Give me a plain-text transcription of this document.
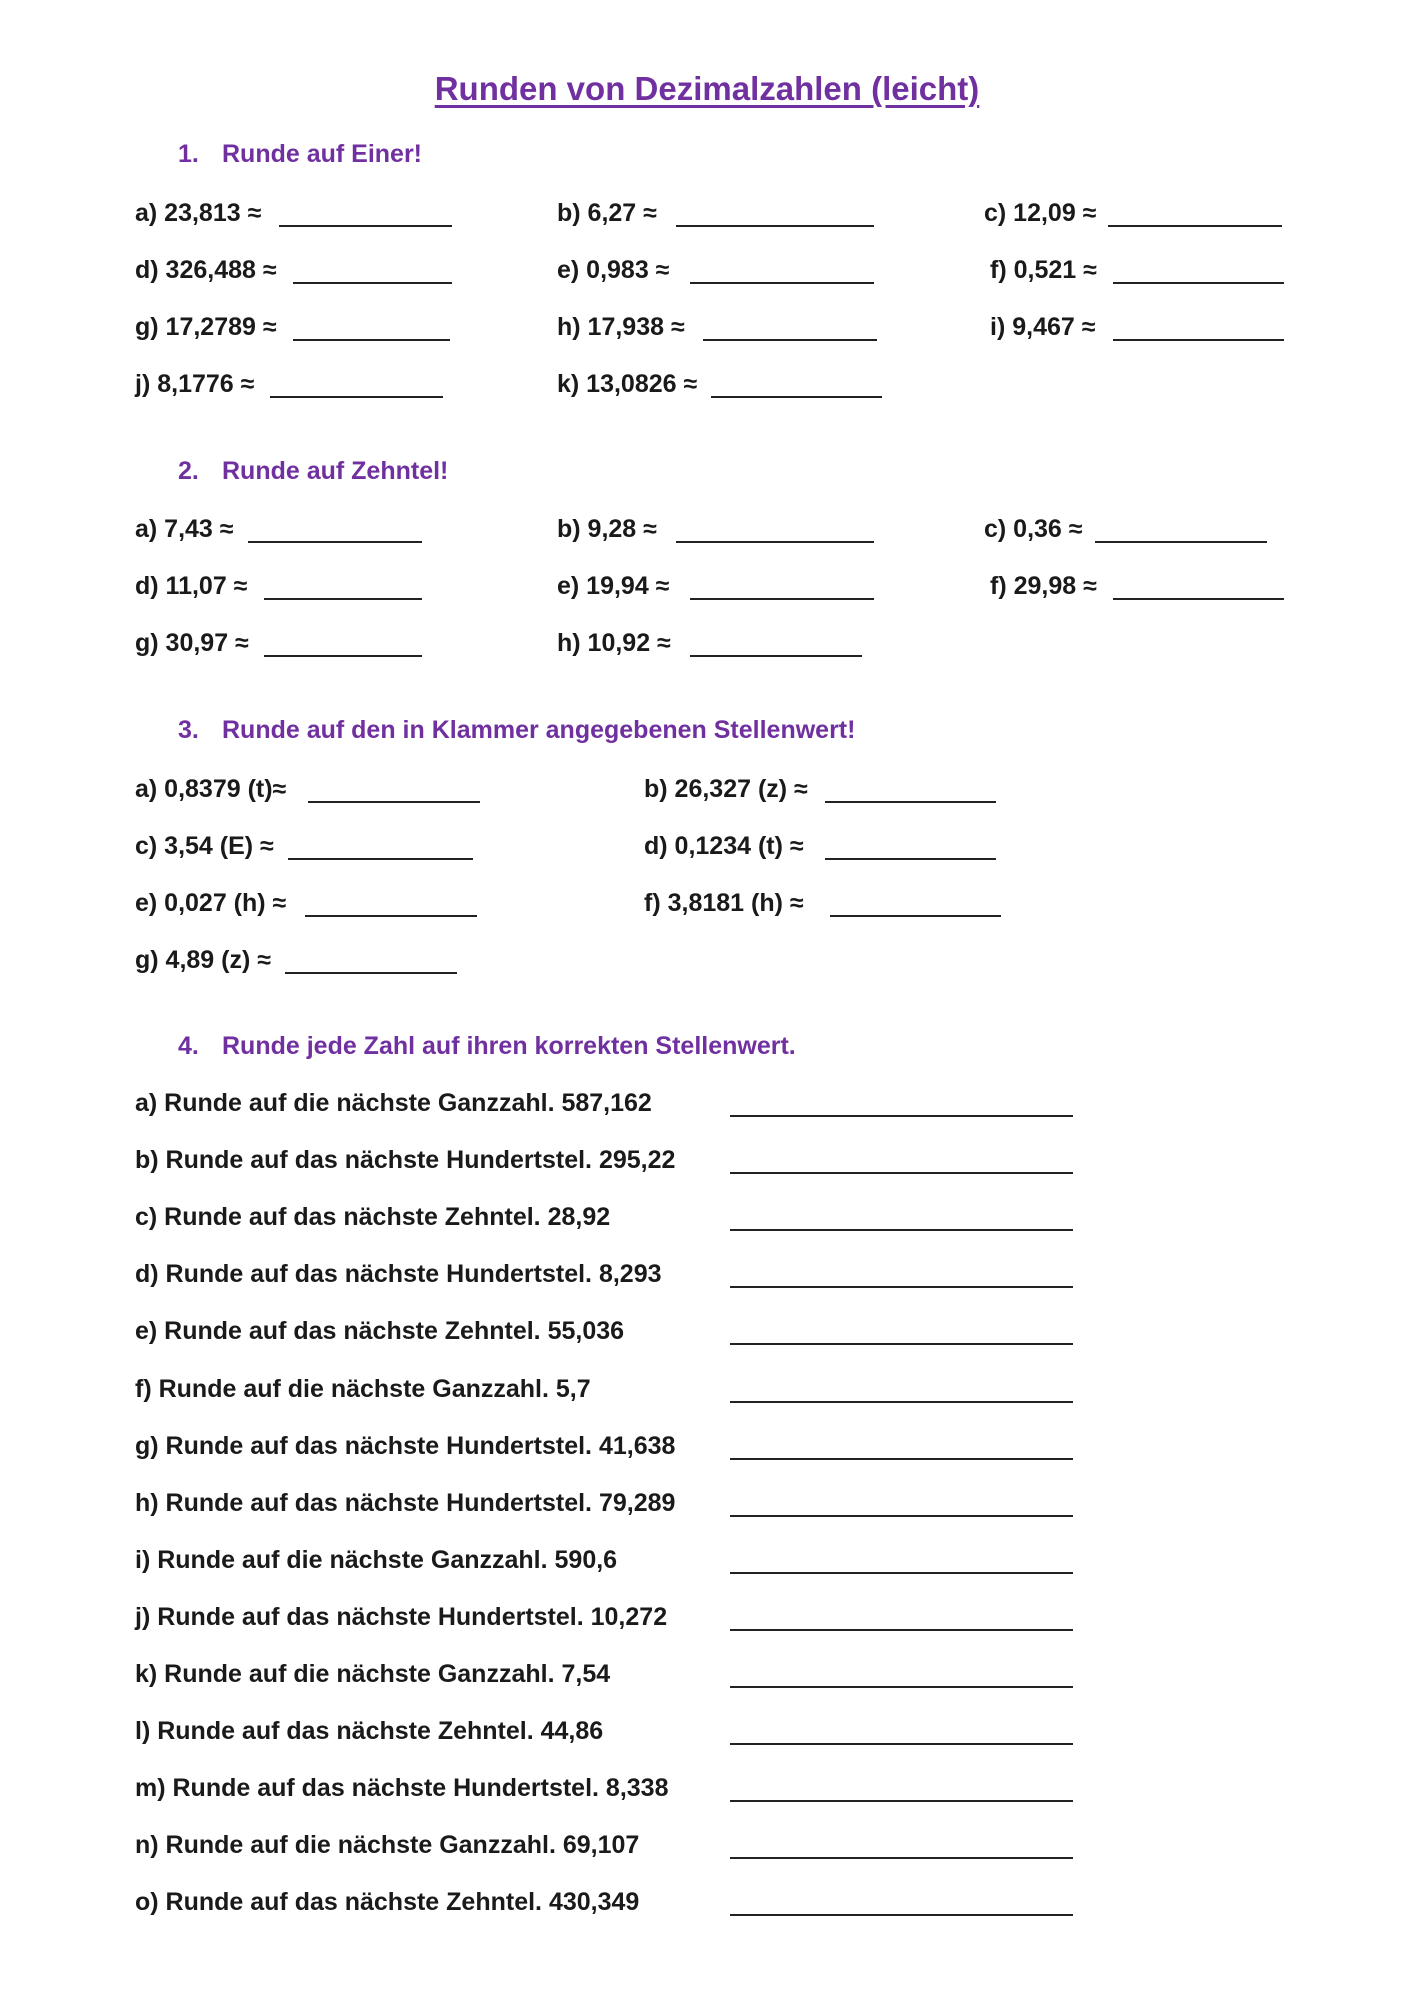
Runden von Dezimalzahlen (leicht)
1. Runde auf Einer!
a) 23,813 ≈	b) 6,27 ≈	c) 12,09 ≈
d) 326,488 ≈	e) 0,983 ≈	f) 0,521 ≈
g) 17,2789 ≈	h) 17,938 ≈	i) 9,467 ≈
j) 8,1776 ≈	k) 13,0826 ≈
2. Runde auf Zehntel!
a) 7,43 ≈	b) 9,28 ≈	c) 0,36 ≈
d) 11,07 ≈	e) 19,94 ≈	f) 29,98 ≈
g) 30,97 ≈	h) 10,92 ≈
3. Runde auf den in Klammer angegebenen Stellenwert!
a) 0,8379 (t)≈	b) 26,327 (z) ≈
c) 3,54 (E) ≈	d) 0,1234 (t) ≈
e) 0,027 (h) ≈	f) 3,8181 (h) ≈
g) 4,89 (z) ≈
4. Runde jede Zahl auf ihren korrekten Stellenwert.
a) Runde auf die nächste Ganzzahl. 587,162
b) Runde auf das nächste Hundertstel. 295,22
c) Runde auf das nächste Zehntel. 28,92
d) Runde auf das nächste Hundertstel. 8,293
e) Runde auf das nächste Zehntel. 55,036
f) Runde auf die nächste Ganzzahl. 5,7
g) Runde auf das nächste Hundertstel. 41,638
h) Runde auf das nächste Hundertstel. 79,289
i) Runde auf die nächste Ganzzahl. 590,6
j) Runde auf das nächste Hundertstel. 10,272
k) Runde auf die nächste Ganzzahl. 7,54
l) Runde auf das nächste Zehntel. 44,86
m) Runde auf das nächste Hundertstel. 8,338
n) Runde auf die nächste Ganzzahl. 69,107
o) Runde auf das nächste Zehntel. 430,349
